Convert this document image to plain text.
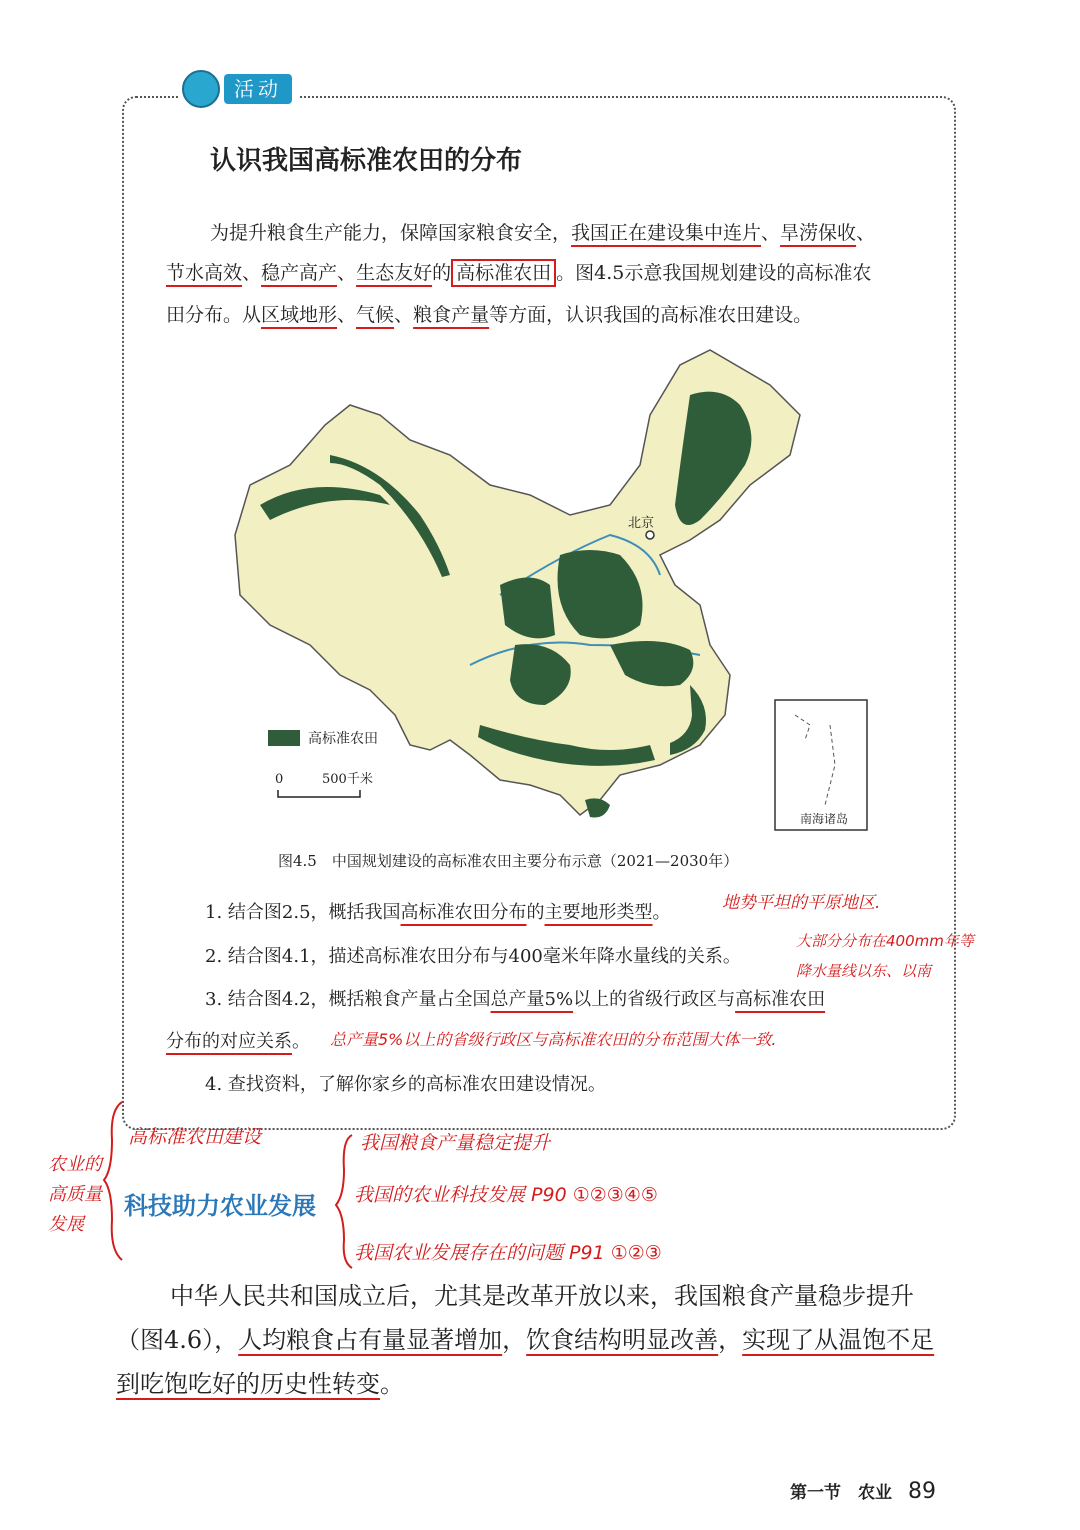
活动
认识我国高标准农田的分布
为提升粮食生产能力，保障国家粮食安全，我国正在建设集中连片、旱涝保收、
节水高效、稳产高产、生态友好的 高标准农田 。图4.5示意我国规划建设的高标准农
田分布。从区域地形、气候、粮食产量等方面，认识我国的高标准农田建设。
北京
高标准农田
0	500千米
南海诸岛
图4.5　中国规划建设的高标准农田主要分布示意（2021—2030年）
1. 结合图2.5，概括我国高标准农田分布的主要地形类型。	地势平坦的平原地区.
2. 结合图4.1，描述高标准农田分布与400毫米年降水量线的关系。
大部分分布在400mm年等
降水量线以东、以南
3. 结合图4.2，概括粮食产量占全国总产量5%以上的省级行政区与高标准农田
分布的对应关系。 总产量5%以上的省级行政区与高标准农田的分布范围大体一致.
4. 查找资料，了解你家乡的高标准农田建设情况。
农业的
高质量
发展
高标准农田建设
科技助力农业发展
我国粮食产量稳定提升
我国的农业科技发展 P90 ①②③④⑤
我国农业发展存在的问题 P91 ①②③
中华人民共和国成立后，尤其是改革开放以来，我国粮食产量稳步提升
（图4.6），人均粮食占有量显著增加，饮食结构明显改善，实现了从温饱不足
到吃饱吃好的历史性转变。
第一节　农业 89
